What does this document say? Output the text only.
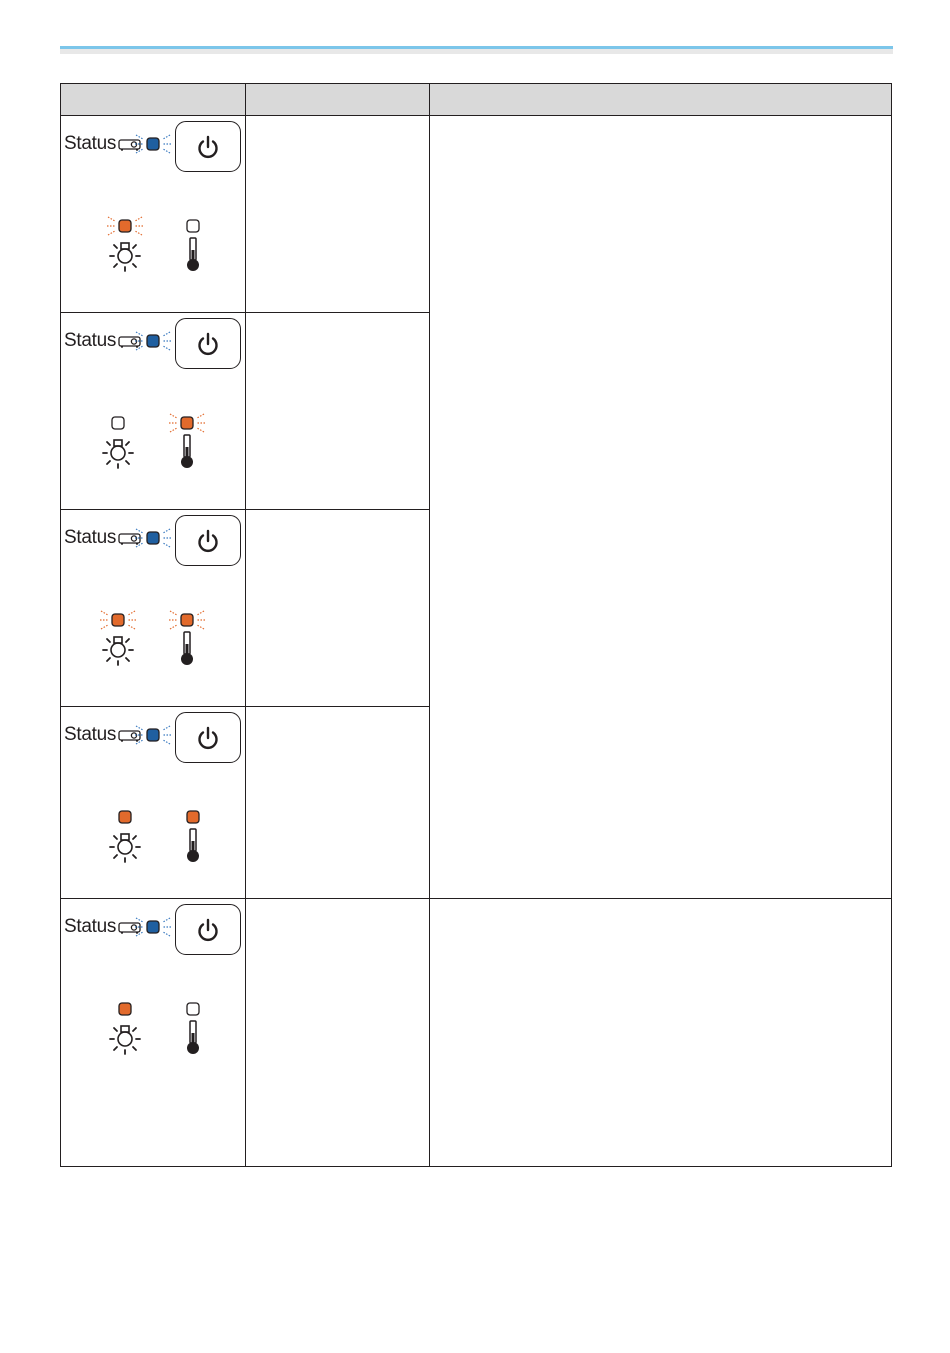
Status		

Status		

Status		

Status		

Status		
